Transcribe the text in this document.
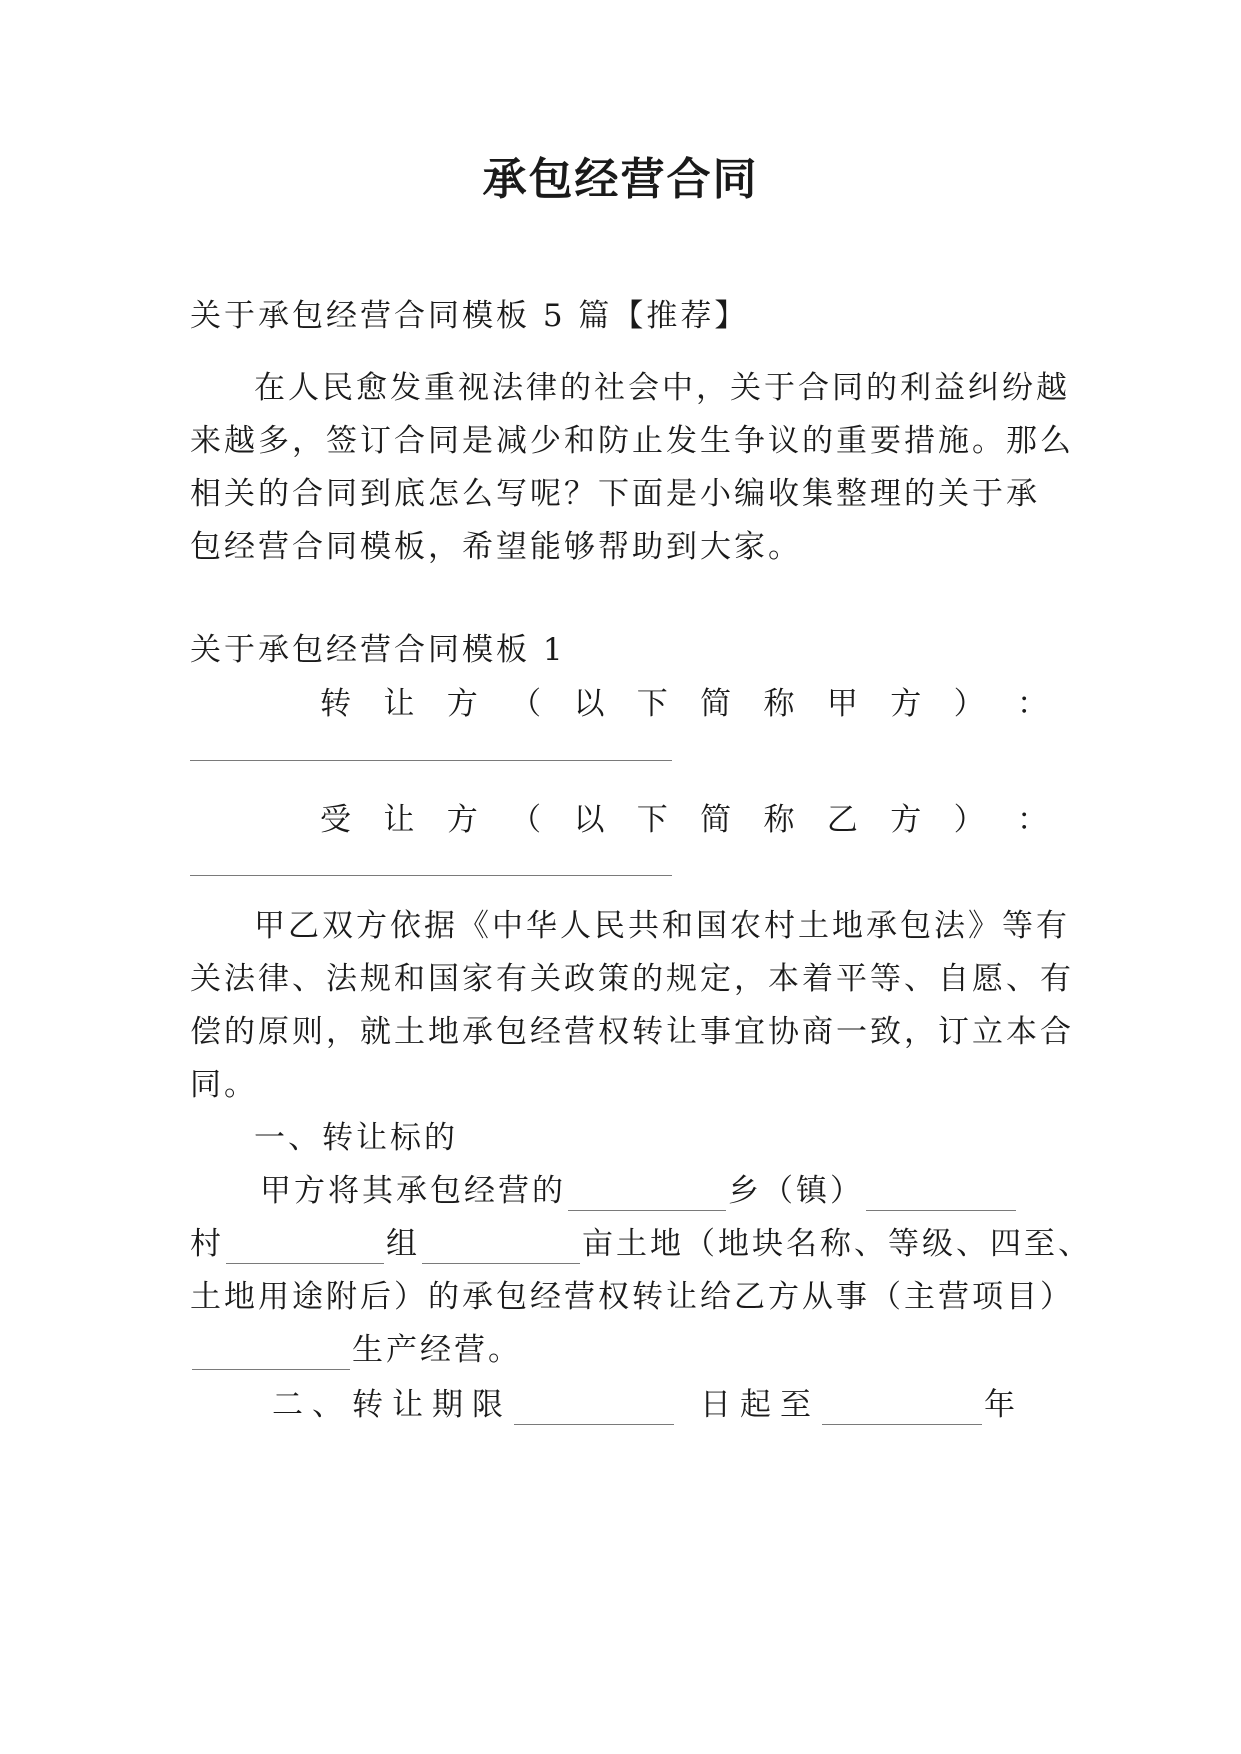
承包经营合同
关于承包经营合同模板 5 篇【推荐】
在人民愈发重视法律的社会中，关于合同的利益纠纷越
来越多，签订合同是减少和防止发生争议的重要措施。那么
相关的合同到底怎么写呢？下面是小编收集整理的关于承
包经营合同模板，希望能够帮助到大家。
关于承包经营合同模板 1
转 让 方 （ 以 下 简 称 甲 方 ） ：
受 让 方 （ 以 下 简 称 乙 方 ） ：
甲乙双方依据《中华人民共和国农村土地承包法》等有
关法律、法规和国家有关政策的规定，本着平等、自愿、有
偿的原则，就土地承包经营权转让事宜协商一致，订立本合
同。
一、转让标的
甲方将其承包经营的	乡（镇）
村	组	亩土地（地块名称、等级、四至、
土地用途附后）的承包经营权转让给乙方从事（主营项目）
生产经营。
二、转让期限	日起至	年
